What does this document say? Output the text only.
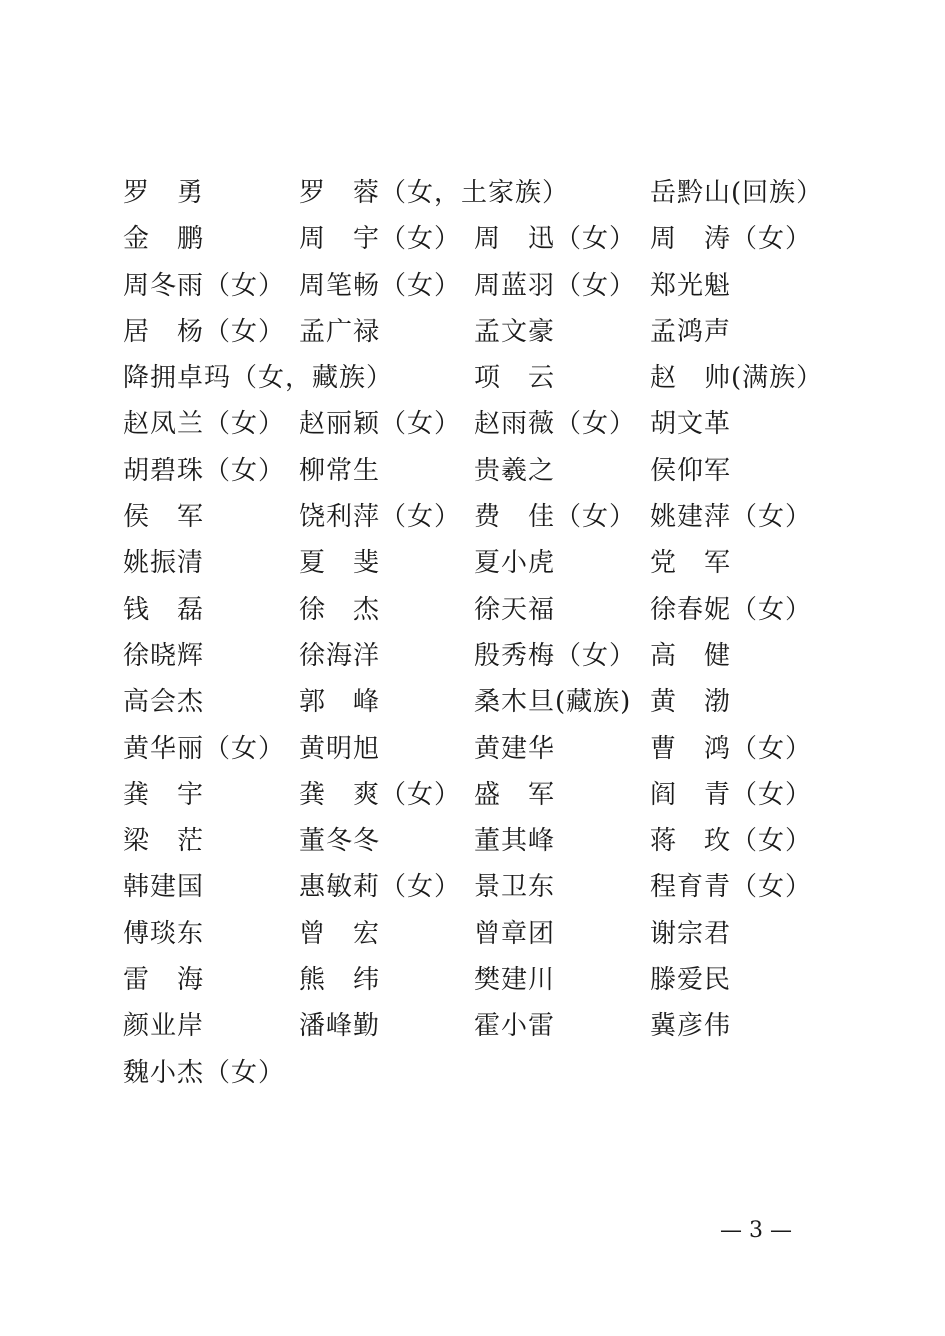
罗　勇	罗　蓉（女，土家族）	岳黔山(回族）
金　鹏	周　宇（女） 周　迅（女） 周　涛（女）
周冬雨（女） 周笔畅（女） 周蓝羽（女） 郑光魁
居　杨（女） 孟广禄	孟文豪	孟鸿声
降拥卓玛（女，藏族）	项　云	赵　帅(满族）
赵凤兰（女） 赵丽颖（女） 赵雨薇（女） 胡文革
胡碧珠（女） 柳常生	贵羲之	侯仰军
侯　军	饶利萍（女） 费　佳（女） 姚建萍（女）
姚振清	夏　斐	夏小虎	党　军
钱　磊	徐　杰	徐天福	徐春妮（女）
徐晓辉	徐海洋	殷秀梅（女） 高　健
高会杰	郭　峰	桑木旦(藏族) 黄　渤
黄华丽（女） 黄明旭	黄建华	曹　鸿（女）
龚　宇	龚　爽（女） 盛　军	阎　青（女）
梁　茫	董冬冬	董其峰	蒋　玫（女）
韩建国	惠敏莉（女） 景卫东	程育青（女）
傅琰东	曾　宏	曾章团	谢宗君
雷　海	熊　纬	樊建川	滕爱民
颜业岸	潘峰勤	霍小雷	冀彦伟
魏小杰（女）
— 3 —
